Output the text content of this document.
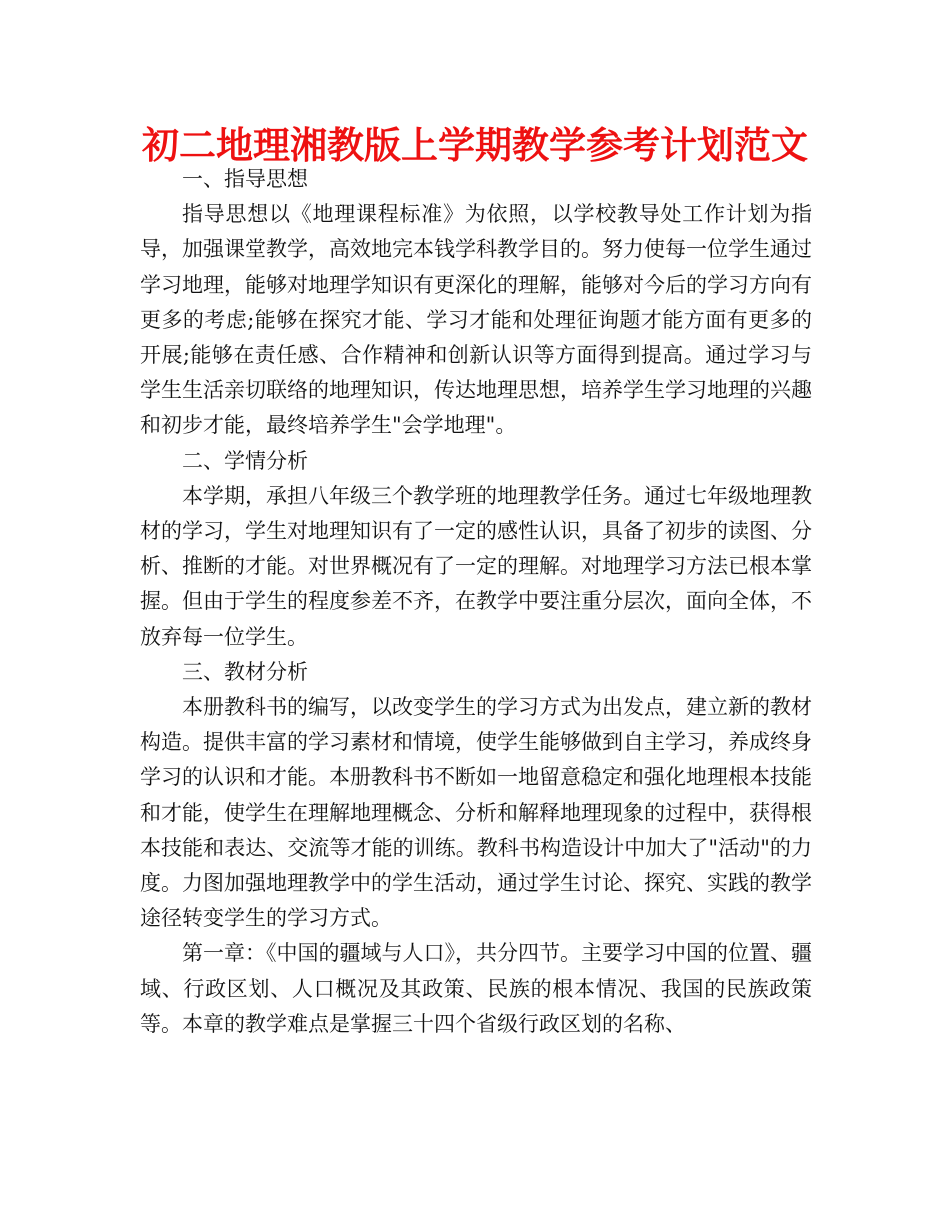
初二地理湘教版上学期教学参考计划范文

一、指导思想

指导思想以《地理课程标准》为依照，以学校教导处工作计划为指导，加强课堂教学，高效地完本钱学科教学目的。努力使每一位学生通过学习地理，能够对地理学知识有更深化的理解，能够对今后的学习方向有更多的考虑;能够在探究才能、学习才能和处理征询题才能方面有更多的开展;能够在责任感、合作精神和创新认识等方面得到提高。通过学习与学生生活亲切联络的地理知识，传达地理思想，培养学生学习地理的兴趣和初步才能，最终培养学生"会学地理"。

二、学情分析

本学期，承担八年级三个教学班的地理教学任务。通过七年级地理教材的学习，学生对地理知识有了一定的感性认识，具备了初步的读图、分析、推断的才能。对世界概况有了一定的理解。对地理学习方法已根本掌握。但由于学生的程度参差不齐，在教学中要注重分层次，面向全体，不放弃每一位学生。

三、教材分析

本册教科书的编写，以改变学生的学习方式为出发点，建立新的教材构造。提供丰富的学习素材和情境，使学生能够做到自主学习，养成终身学习的认识和才能。本册教科书不断如一地留意稳定和强化地理根本技能和才能，使学生在理解地理概念、分析和解释地理现象的过程中，获得根本技能和表达、交流等才能的训练。教科书构造设计中加大了"活动"的力度。力图加强地理教学中的学生活动，通过学生讨论、探究、实践的教学途径转变学生的学习方式。

第一章：《中国的疆域与人口》，共分四节。主要学习中国的位置、疆域、行政区划、人口概况及其政策、民族的根本情况、我国的民族政策等。本章的教学难点是掌握三十四个省级行政区划的名称、
